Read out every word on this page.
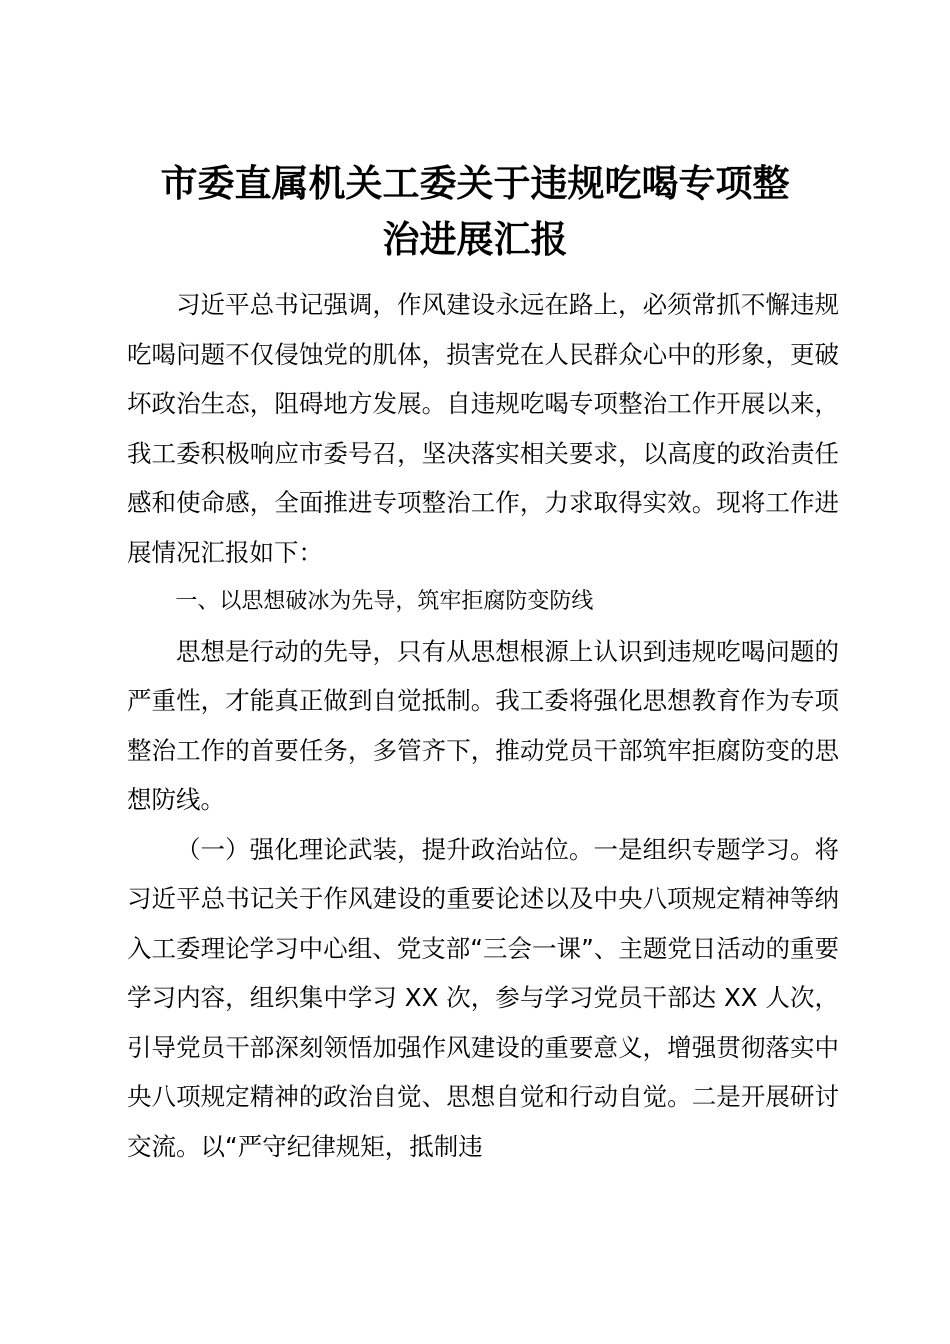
市委直属机关工委关于违规吃喝专项整
治进展汇报

习近平总书记强调，作风建设永远在路上，必须常抓不懈违规吃喝问题不仅侵蚀党的肌体，损害党在人民群众心中的形象，更破坏政治生态，阻碍地方发展。自违规吃喝专项整治工作开展以来，我工委积极响应市委号召，坚决落实相关要求，以高度的政治责任感和使命感，全面推进专项整治工作，力求取得实效。现将工作进展情况汇报如下：

一、以思想破冰为先导，筑牢拒腐防变防线

思想是行动的先导，只有从思想根源上认识到违规吃喝问题的严重性，才能真正做到自觉抵制。我工委将强化思想教育作为专项整治工作的首要任务，多管齐下，推动党员干部筑牢拒腐防变的思想防线。

（一）强化理论武装，提升政治站位。一是组织专题学习。将习近平总书记关于作风建设的重要论述以及中央八项规定精神等纳入工委理论学习中心组、党支部“三会一课”、主题党日活动的重要学习内容，组织集中学习 XX 次，参与学习党员干部达 XX 人次，引导党员干部深刻领悟加强作风建设的重要意义，增强贯彻落实中央八项规定精神的政治自觉、思想自觉和行动自觉。二是开展研讨交流。以“严守纪律规矩，抵制违
